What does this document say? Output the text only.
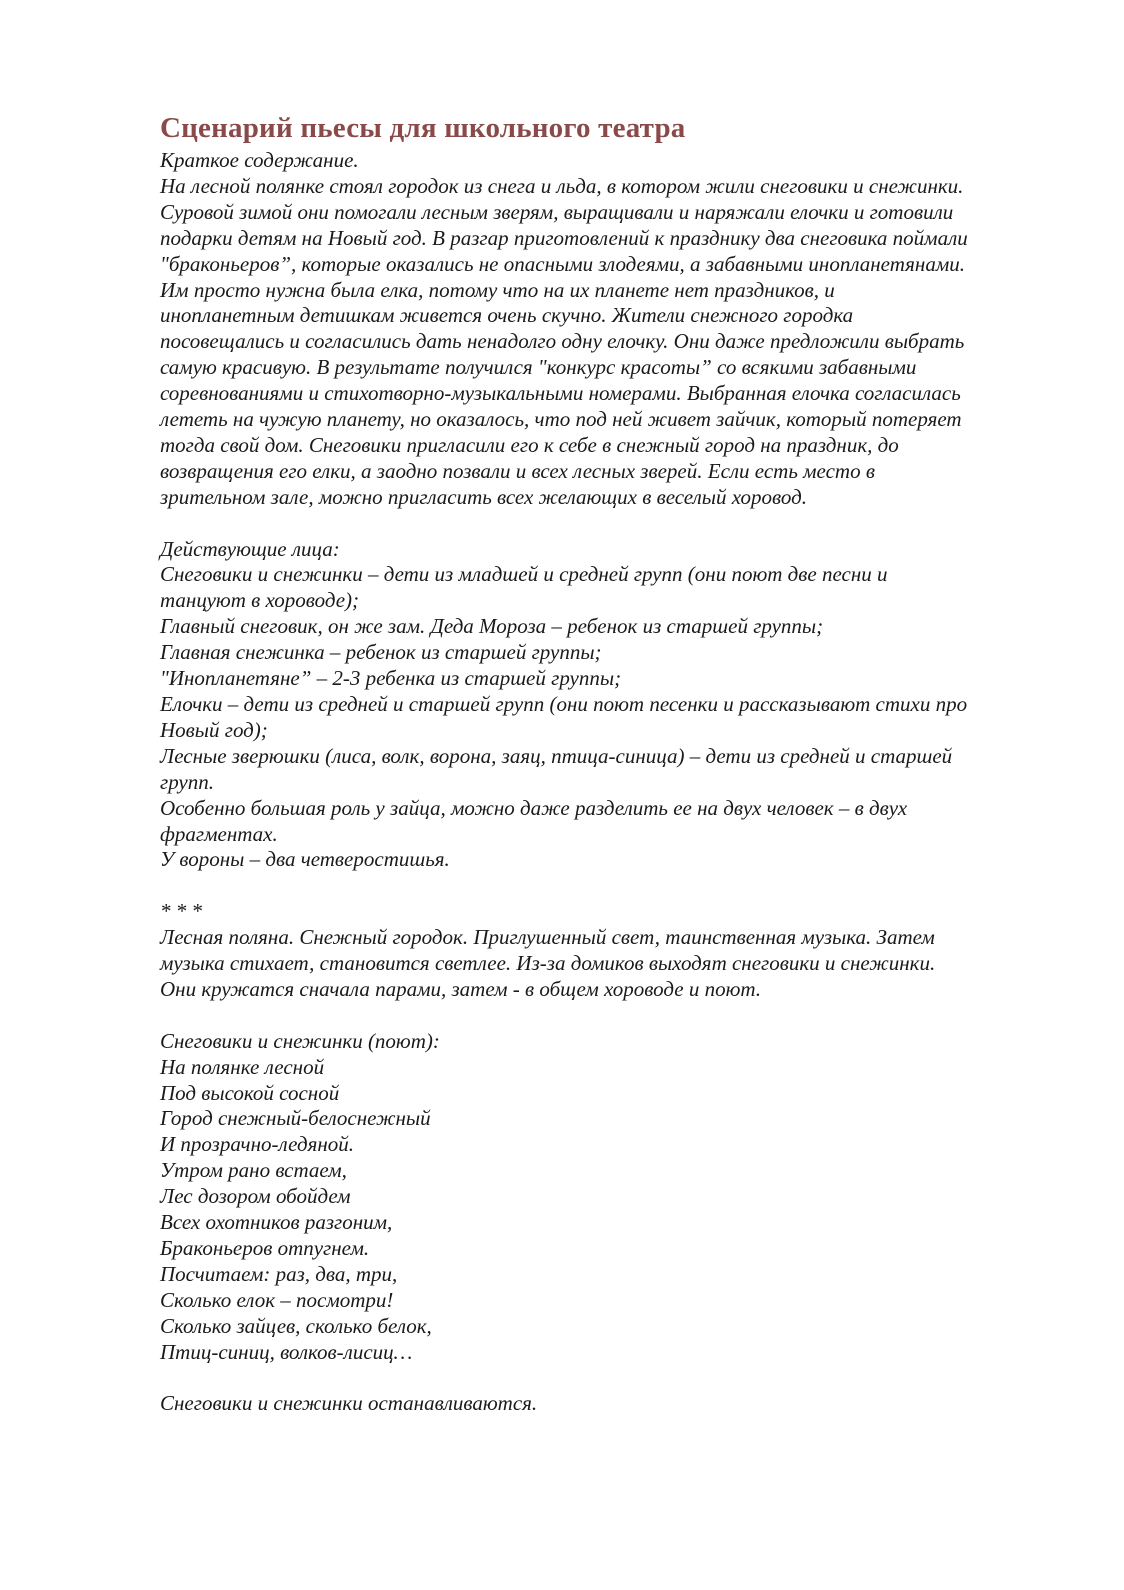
Сценарий пьесы для школьного театра
Краткое содержание.
На лесной полянке стоял городок из снега и льда, в котором жили снеговики и снежинки.
Суровой зимой они помогали лесным зверям, выращивали и наряжали елочки и готовили
подарки детям на Новый год. В разгар приготовлений к празднику два снеговика поймали
"браконьеров”, которые оказались не опасными злодеями, а забавными инопланетянами.
Им просто нужна была елка, потому что на их планете нет праздников, и
инопланетным детишкам живется очень скучно. Жители снежного городка
посовещались и согласились дать ненадолго одну елочку. Они даже предложили выбрать
самую красивую. В результате получился "конкурс красоты” со всякими забавными
соревнованиями и стихотворно-музыкальными номерами. Выбранная елочка согласилась
лететь на чужую планету, но оказалось, что под ней живет зайчик, который потеряет
тогда свой дом. Снеговики пригласили его к себе в снежный город на праздник, до
возвращения его елки, а заодно позвали и всех лесных зверей. Если есть место в
зрительном зале, можно пригласить всех желающих в веселый хоровод.
Действующие лица:
Снеговики и снежинки – дети из младшей и средней групп (они поют две песни и
танцуют в хороводе);
Главный снеговик, он же зам. Деда Мороза – ребенок из старшей группы;
Главная снежинка – ребенок из старшей группы;
"Инопланетяне” – 2-3 ребенка из старшей группы;
Елочки – дети из средней и старшей групп (они поют песенки и рассказывают стихи про
Новый год);
Лесные зверюшки (лиса, волк, ворона, заяц, птица-синица) – дети из средней и старшей
групп.
Особенно большая роль у зайца, можно даже разделить ее на двух человек – в двух
фрагментах.
У вороны – два четверостишья.
* * *
Лесная поляна. Снежный городок. Приглушенный свет, таинственная музыка. Затем
музыка стихает, становится светлее. Из-за домиков выходят снеговики и снежинки.
Они кружатся сначала парами, затем - в общем хороводе и поют.
Снеговики и снежинки (поют):
На полянке лесной
Под высокой сосной
Город снежный-белоснежный
И прозрачно-ледяной.
Утром рано встаем,
Лес дозором обойдем
Всех охотников разгоним,
Браконьеров отпугнем.
Посчитаем: раз, два, три,
Сколько елок – посмотри!
Сколько зайцев, сколько белок,
Птиц-синиц, волков-лисиц…
Снеговики и снежинки останавливаются.
